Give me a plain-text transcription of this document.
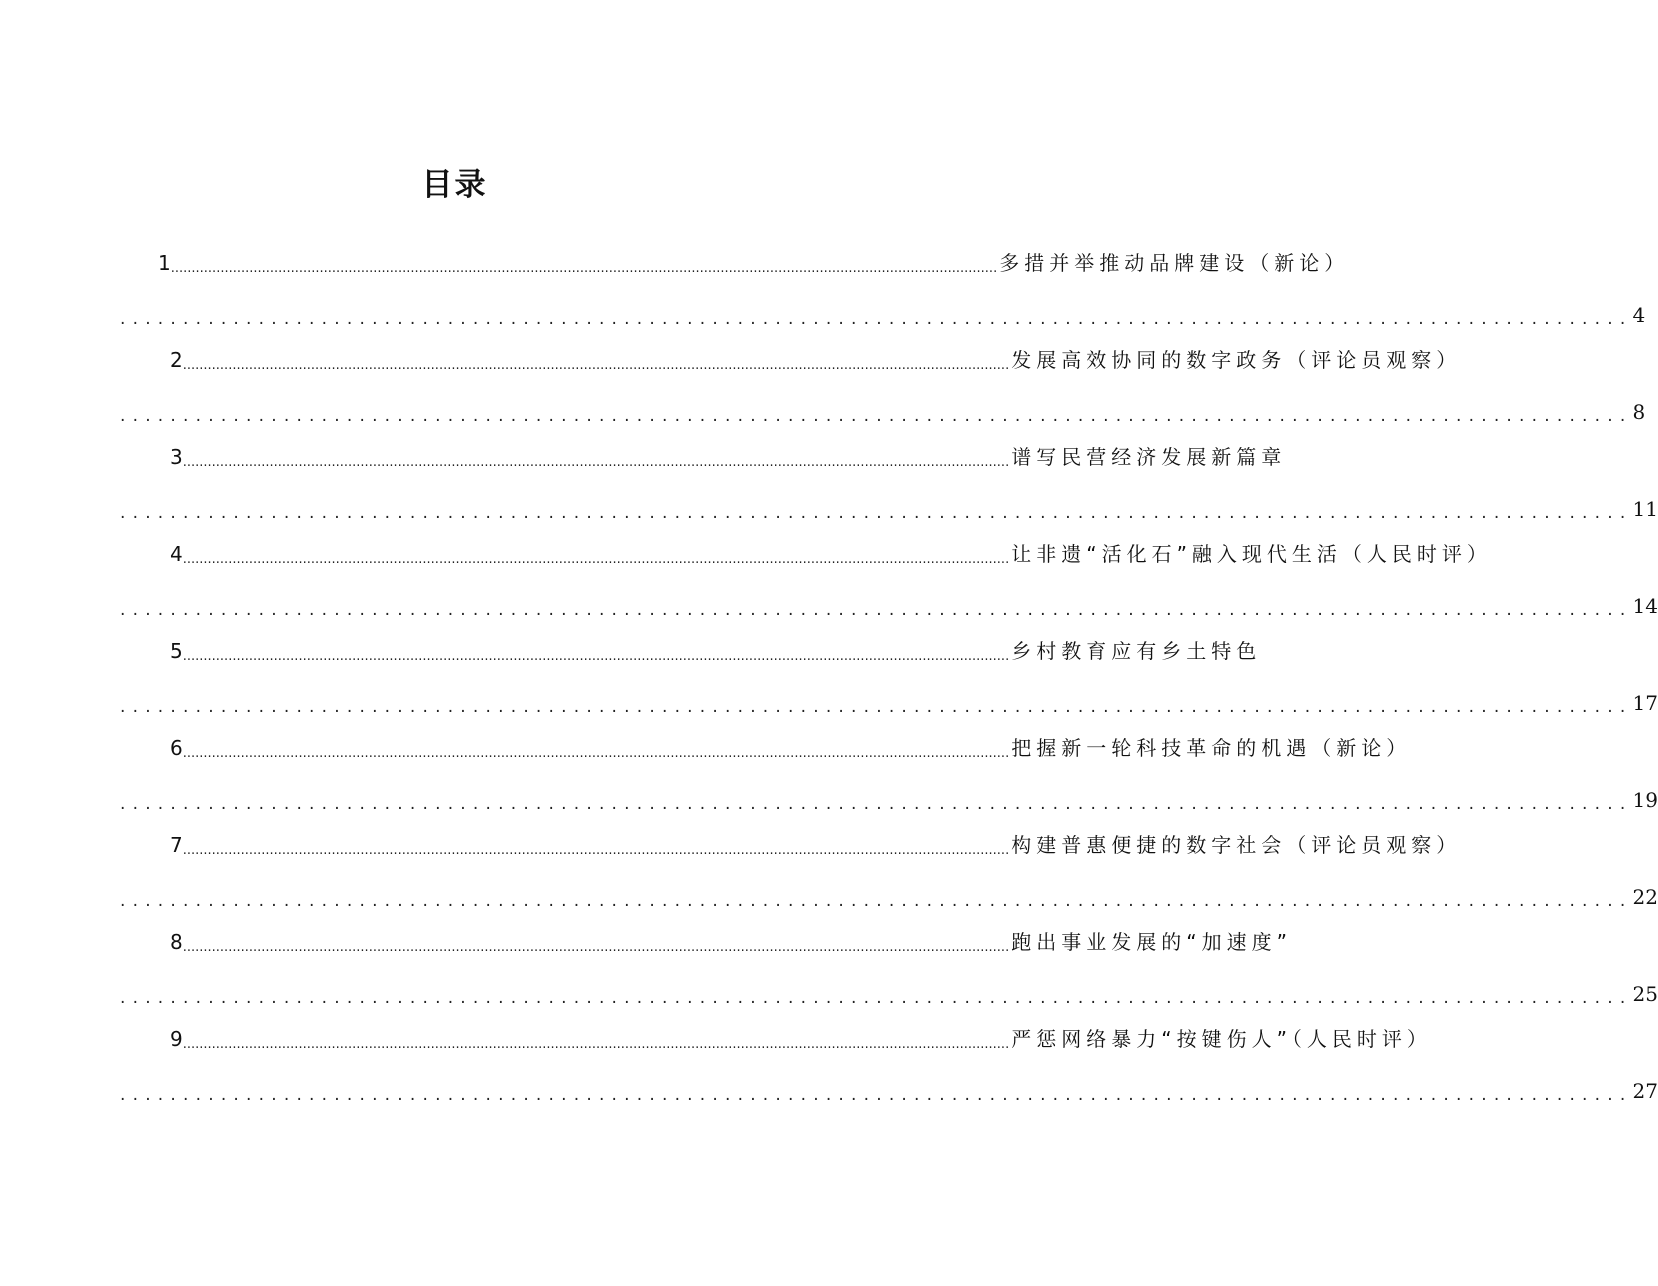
目录
1 ........................................................................................................................................................................................................ 多措并举推动品牌建设（新论）
........................................................................................................................ 4
2 ........................................................................................................................................................................................................ 发展高效协同的数字政务（评论员观察）
........................................................................................................................ 8
3 ........................................................................................................................................................................................................ 谱写民营经济发展新篇章
........................................................................................................................ 11
4 ........................................................................................................................................................................................................ 让非遗“活化石”融入现代生活（人民时评）
........................................................................................................................ 14
5 ........................................................................................................................................................................................................ 乡村教育应有乡土特色
........................................................................................................................ 17
6 ........................................................................................................................................................................................................ 把握新一轮科技革命的机遇（新论）
........................................................................................................................ 19
7 ........................................................................................................................................................................................................ 构建普惠便捷的数字社会（评论员观察）
........................................................................................................................ 22
8 ........................................................................................................................................................................................................ 跑出事业发展的“加速度”
........................................................................................................................ 25
9 ........................................................................................................................................................................................................ 严惩网络暴力“按键伤人”（人民时评）
........................................................................................................................ 27
